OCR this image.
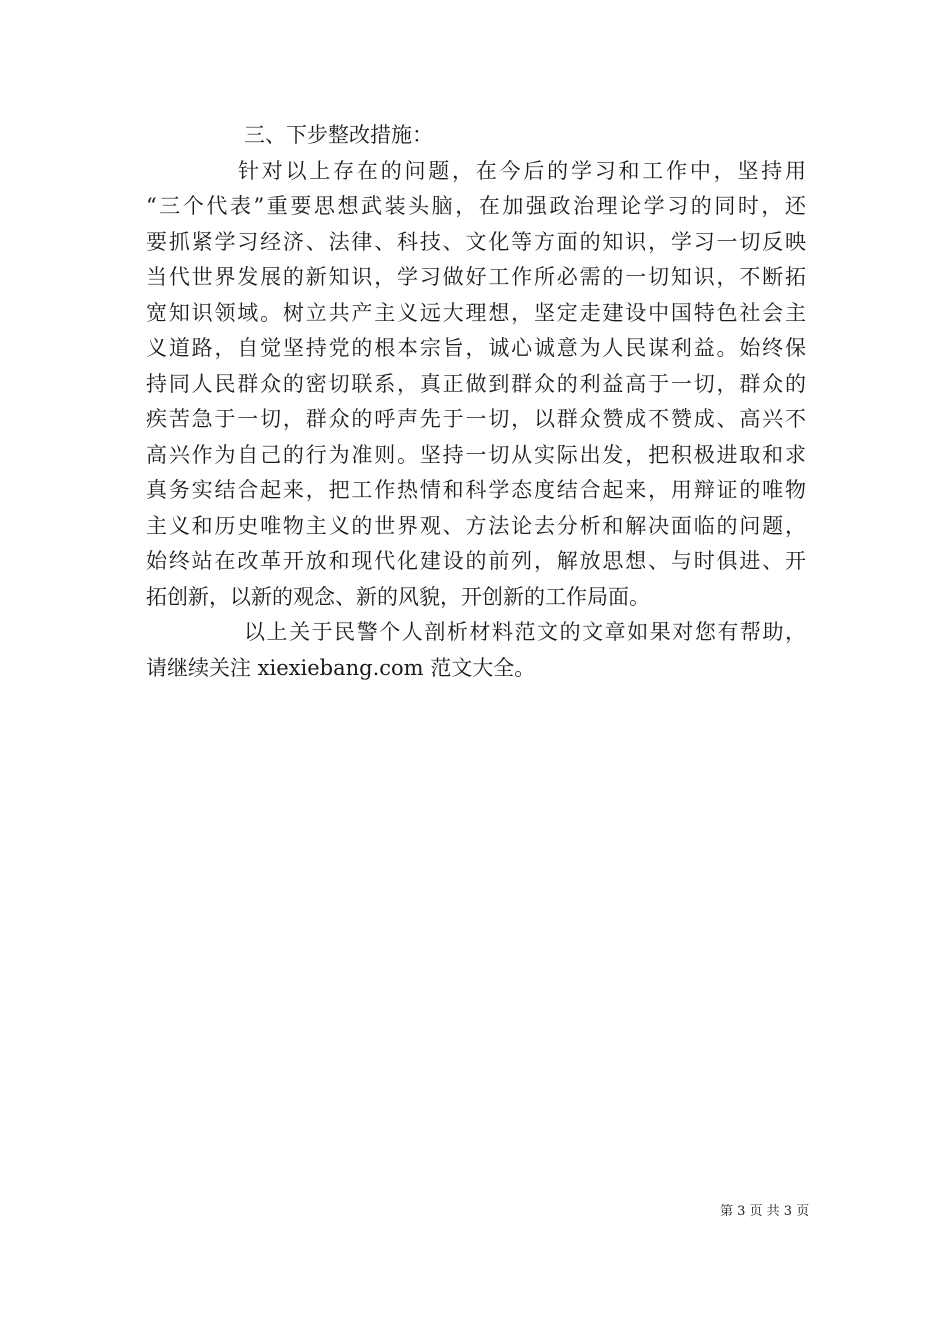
三、下步整改措施：
针对以上存在的问题，在今后的学习和工作中，坚持用
“三个代表”重要思想武装头脑，在加强政治理论学习的同时，还
要抓紧学习经济、法律、科技、文化等方面的知识，学习一切反映
当代世界发展的新知识，学习做好工作所必需的一切知识，不断拓
宽知识领域。树立共产主义远大理想，坚定走建设中国特色社会主
义道路，自觉坚持党的根本宗旨，诚心诚意为人民谋利益。始终保
持同人民群众的密切联系，真正做到群众的利益高于一切，群众的
疾苦急于一切，群众的呼声先于一切，以群众赞成不赞成、高兴不
高兴作为自己的行为准则。坚持一切从实际出发，把积极进取和求
真务实结合起来，把工作热情和科学态度结合起来，用辩证的唯物
主义和历史唯物主义的世界观、方法论去分析和解决面临的问题，
始终站在改革开放和现代化建设的前列，解放思想、与时俱进、开
拓创新，以新的观念、新的风貌，开创新的工作局面。
以上关于民警个人剖析材料范文的文章如果对您有帮助，
请继续关注 xiexiebang.com 范文大全。
第 3 页 共 3 页
